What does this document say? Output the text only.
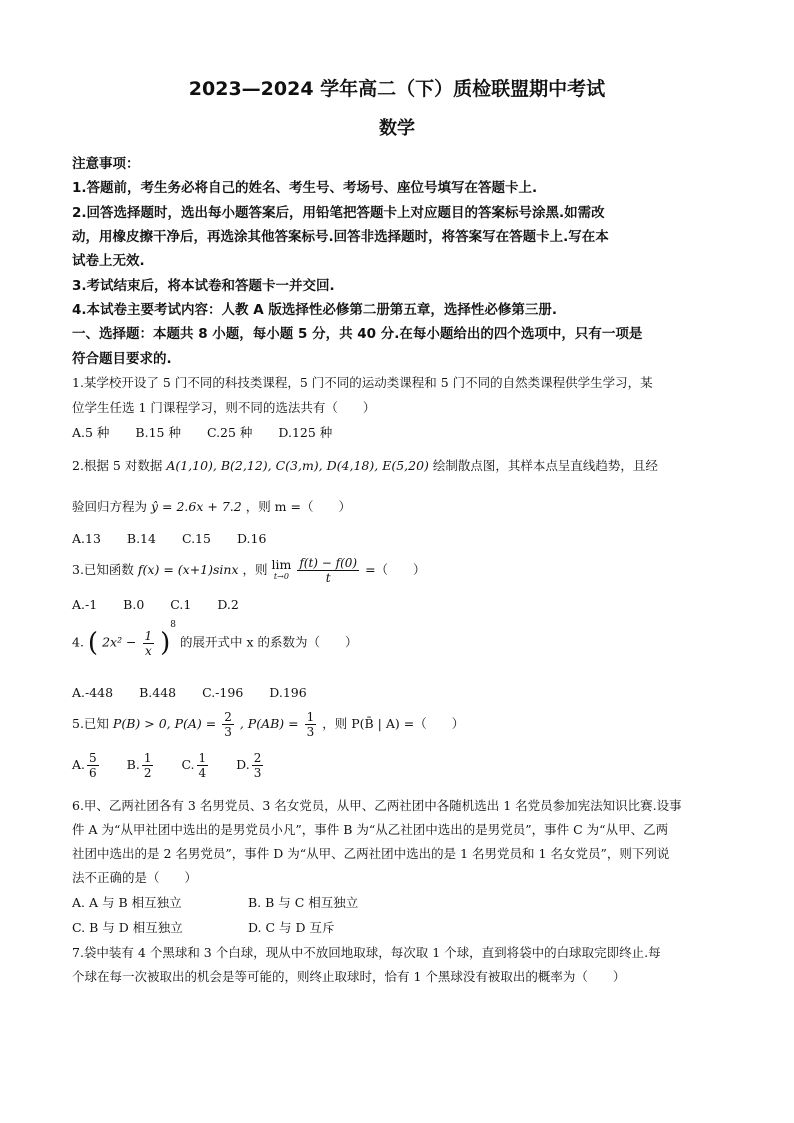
2023—2024 学年高二（下）质检联盟期中考试
数学
注意事项：
1.答题前，考生务必将自己的姓名、考生号、考场号、座位号填写在答题卡上.
2.回答选择题时，选出每小题答案后，用铅笔把答题卡上对应题目的答案标号涂黑.如需改
动，用橡皮擦干净后，再选涂其他答案标号.回答非选择题时，将答案写在答题卡上.写在本
试卷上无效.
3.考试结束后，将本试卷和答题卡一并交回.
4.本试卷主要考试内容：人教 A 版选择性必修第二册第五章，选择性必修第三册.
一、选择题：本题共 8 小题，每小题 5 分，共 40 分.在每小题给出的四个选项中，只有一项是
符合题目要求的.
1.某学校开设了 5 门不同的科技类课程，5 门不同的运动类课程和 5 门不同的自然类课程供学生学习，某
位学生任选 1 门课程学习，则不同的选法共有（　　）
A.5 种 B.15 种 C.25 种 D.125 种
2.根据 5 对数据 A(1,10), B(2,12), C(3,m), D(4,18), E(5,20) 绘制散点图，其样本点呈直线趋势，且经
验回归方程为 ŷ = 2.6x + 7.2 ，则 m =（　　）
A.13 B.14 C.15 D.16
3.已知函数 f(x) = (x+1)sinx ，则 lim
t→0
$\frac{f(t) - f(0)}{t}$ =（　　）
A.-1 B.0 C.1 D.2
4. ( $2x^2 - \frac{1}{x} )^8$ 的展开式中 x 的系数为（　　）
A.-448 B.448 C.-196 D.196
5.已知 P(B) > 0, $P(A) = \frac{2}{3}$ , $P(AB) = \frac{1}{3}$ ，则 P(B̄ | A) =（　　）
A. $\frac{5}{6} B$. $\frac{1}{2} C$. $\frac{1}{4} D$. $\frac{2}{3}$
6.甲、乙两社团各有 3 名男党员、3 名女党员，从甲、乙两社团中各随机选出 1 名党员参加宪法知识比赛.设事
件 A 为“从甲社团中选出的是男党员小凡”，事件 B 为“从乙社团中选出的是男党员”，事件 C 为“从甲、乙两
社团中选出的是 2 名男党员”，事件 D 为“从甲、乙两社团中选出的是 1 名男党员和 1 名女党员”，则下列说
法不正确的是（　　）
A. A 与 B 相互独立	B. B 与 C 相互独立
C. B 与 D 相互独立	D. C 与 D 互斥
7.袋中装有 4 个黑球和 3 个白球，现从中不放回地取球，每次取 1 个球，直到将袋中的白球取完即终止.每
个球在每一次被取出的机会是等可能的，则终止取球时，恰有 1 个黑球没有被取出的概率为（　　）
